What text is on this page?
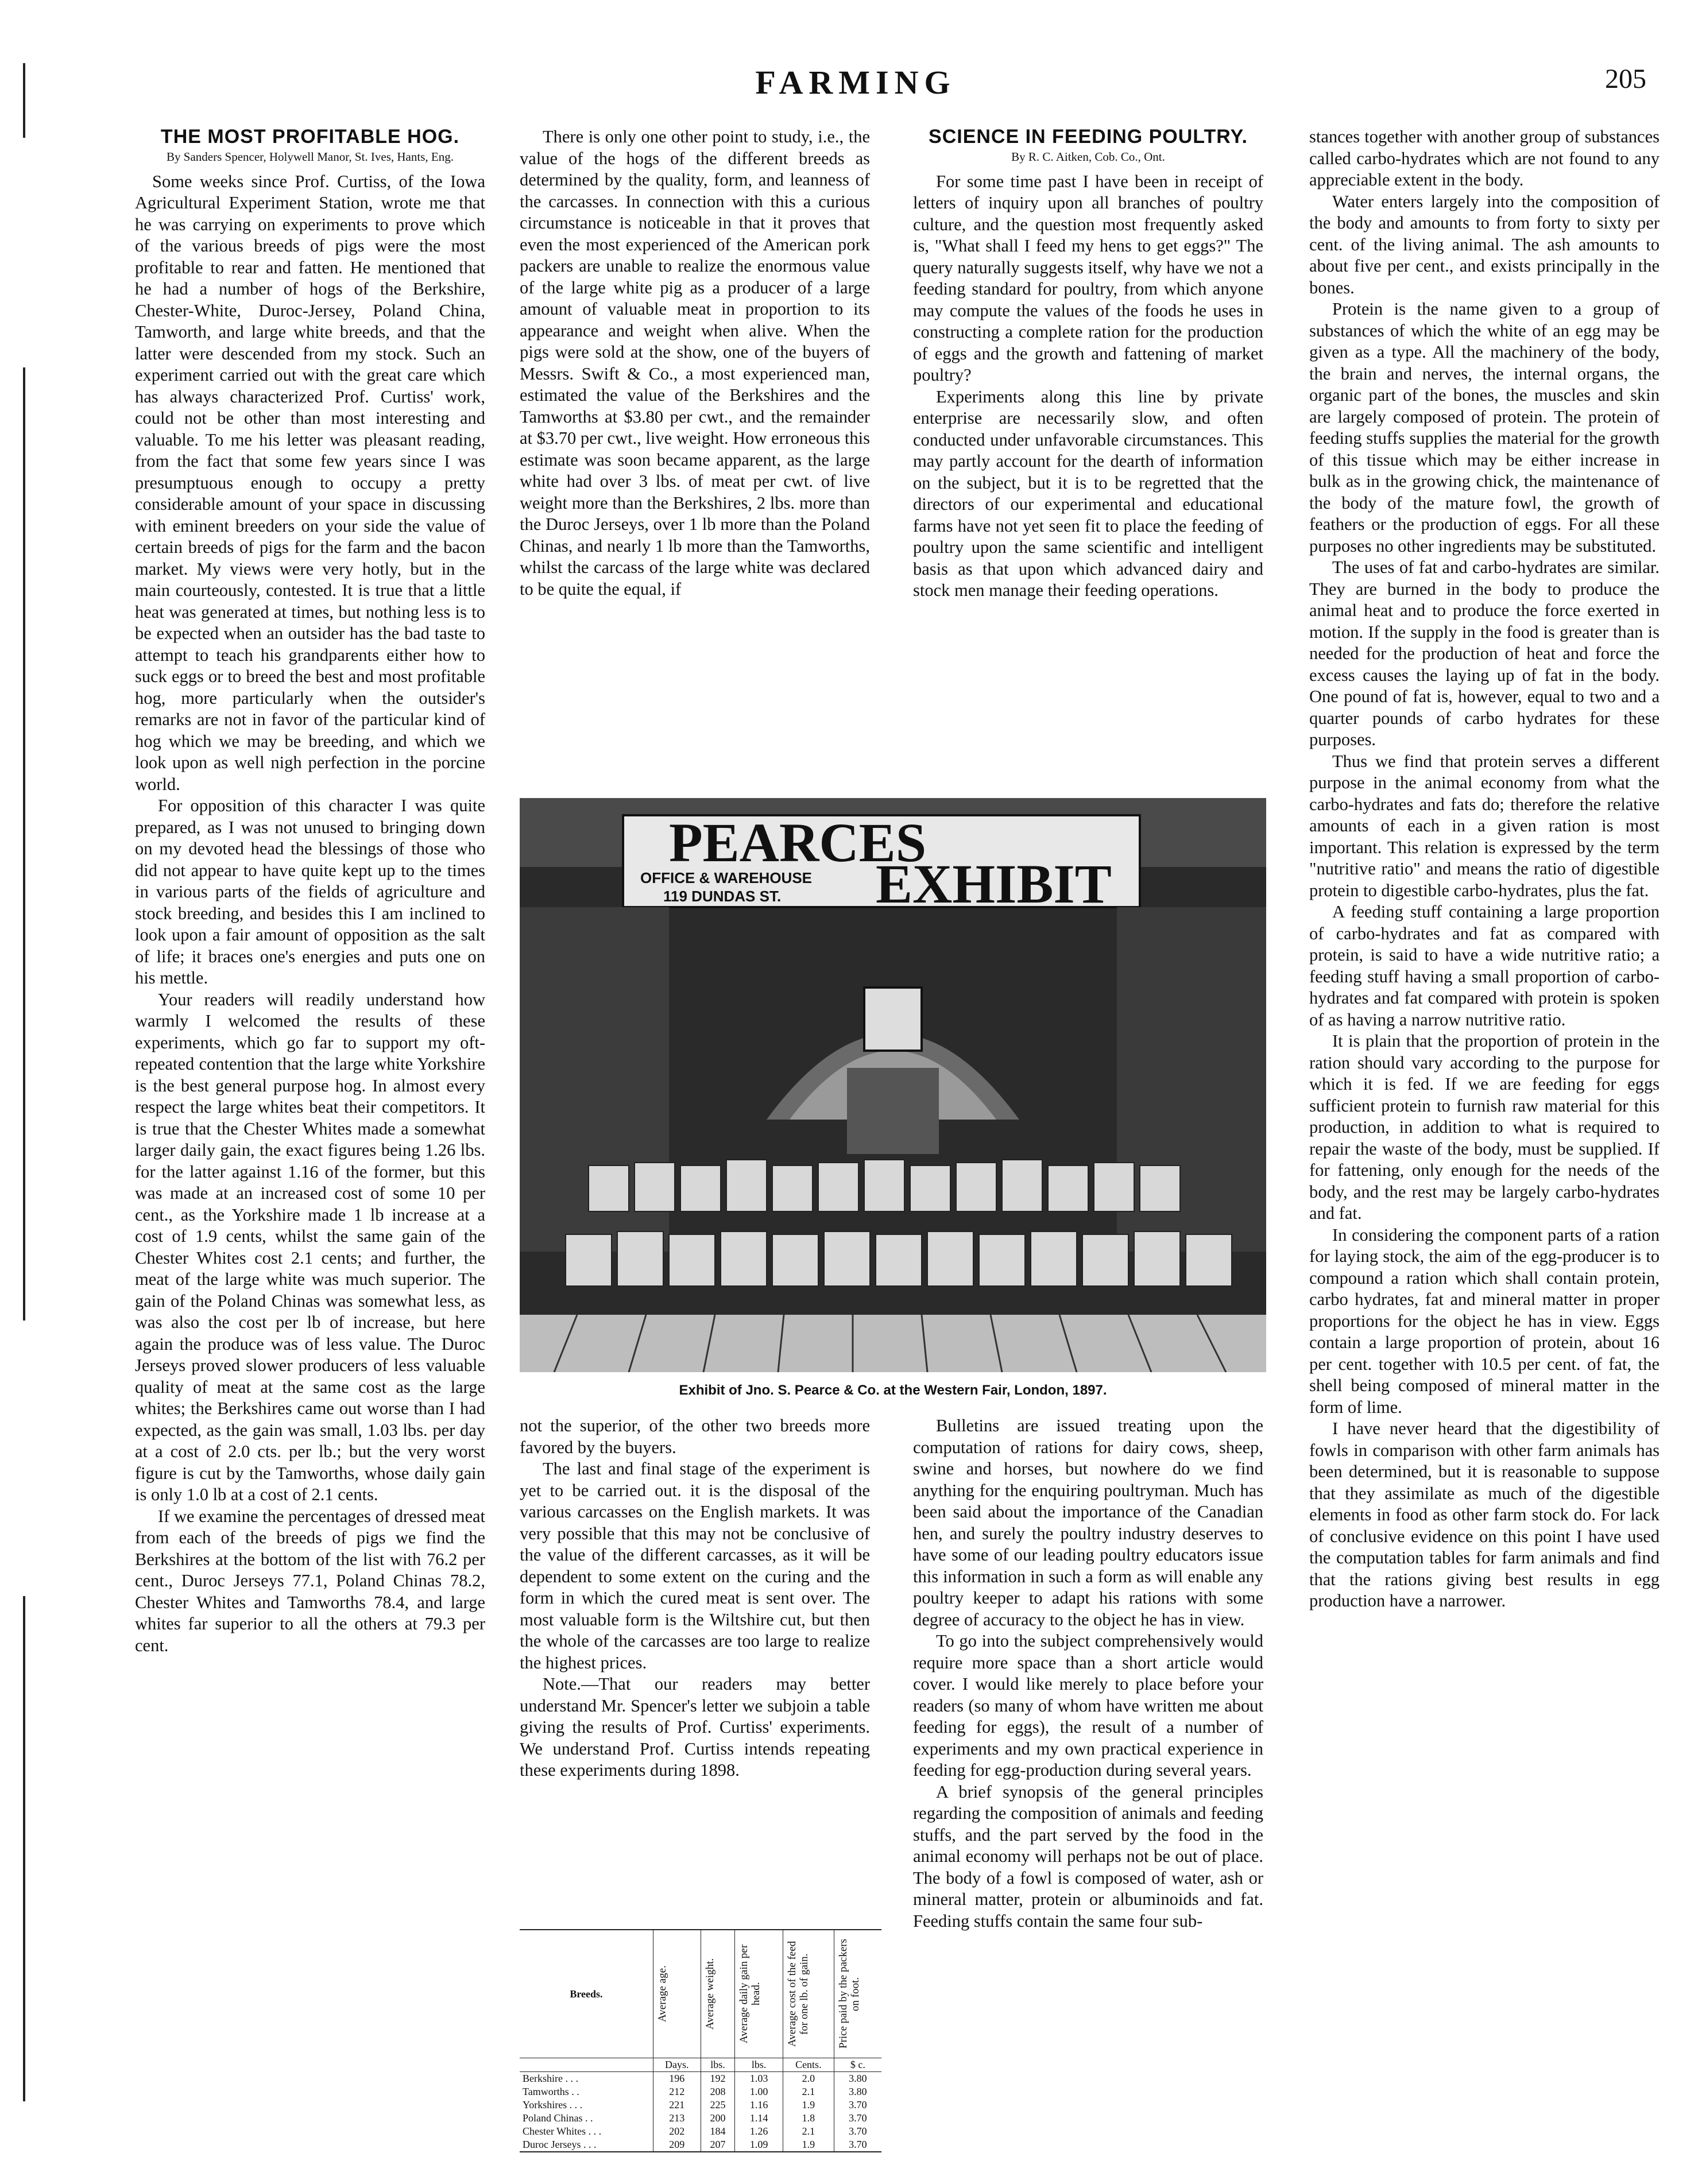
FARMING	205
THE MOST PROFITABLE HOG.
By Sanders Spencer, Holywell Manor, St. Ives, Hants, Eng.

Some weeks since Prof. Curtiss, of the Iowa Agricultural Experiment Station, wrote me that he was carrying on experiments to prove which of the various breeds of pigs were the most profitable to rear and fatten. He mentioned that he had a number of hogs of the Berkshire, Chester-White, Duroc-Jersey, Poland China, Tamworth, and large white breeds, and that the latter were descended from my stock. Such an experiment carried out with the great care which has always characterized Prof. Curtiss' work, could not be other than most interesting and valuable. To me his letter was pleasant reading, from the fact that some few years since I was presumptuous enough to occupy a pretty considerable amount of your space in discussing with eminent breeders on your side the value of certain breeds of pigs for the farm and the bacon market. My views were very hotly, but in the main courteously, contested. It is true that a little heat was generated at times, but nothing less is to be expected when an outsider has the bad taste to attempt to teach his grandparents either how to suck eggs or to breed the best and most profitable hog, more particularly when the outsider's remarks are not in favor of the particular kind of hog which we may be breeding, and which we look upon as well nigh perfection in the porcine world.

For opposition of this character I was quite prepared, as I was not unused to bringing down on my devoted head the blessings of those who did not appear to have quite kept up to the times in various parts of the fields of agriculture and stock breeding, and besides this I am inclined to look upon a fair amount of opposition as the salt of life; it braces one's energies and puts one on his mettle.

Your readers will readily understand how warmly I welcomed the results of these experiments, which go far to support my oft-repeated contention that the large white Yorkshire is the best general purpose hog. In almost every respect the large whites beat their competitors. It is true that the Chester Whites made a somewhat larger daily gain, the exact figures being 1.26 lbs. for the latter against 1.16 of the former, but this was made at an increased cost of some 10 per cent., as the Yorkshire made 1 lb increase at a cost of 1.9 cents, whilst the same gain of the Chester Whites cost 2.1 cents; and further, the meat of the large white was much superior. The gain of the Poland Chinas was somewhat less, as was also the cost per lb of increase, but here again the produce was of less value. The Duroc Jerseys proved slower producers of less valuable quality of meat at the same cost as the large whites; the Berkshires came out worse than I had expected, as the gain was small, 1.03 lbs. per day at a cost of 2.0 cts. per lb.; but the very worst figure is cut by the Tamworths, whose daily gain is only 1.0 lb at a cost of 2.1 cents.

If we examine the percentages of dressed meat from each of the breeds of pigs we find the Berkshires at the bottom of the list with 76.2 per cent., Duroc Jerseys 77.1, Poland Chinas 78.2, Chester Whites and Tamworths 78.4, and large whites far superior to all the others at 79.3 per cent.

There is only one other point to study, i.e., the value of the hogs of the different breeds as determined by the quality, form, and leanness of the carcasses. In connection with this a curious circumstance is noticeable in that it proves that even the most experienced of the American pork packers are unable to realize the enormous value of the large white pig as a producer of a large amount of valuable meat in proportion to its appearance and weight when alive. When the pigs were sold at the show, one of the buyers of Messrs. Swift & Co., a most experienced man, estimated the value of the Berkshires and the Tamworths at $3.80 per cwt., and the remainder at $3.70 per cwt., live weight. How erroneous this estimate was soon became apparent, as the large white had over 3 lbs. of meat per cwt. of live weight more than the Berkshires, 2 lbs. more than the Duroc Jerseys, over 1 lb more than the Poland Chinas, and nearly 1 lb more than the Tamworths, whilst the carcass of the large white was declared to be quite the equal, if

SCIENCE IN FEEDING POULTRY.
By R. C. Aitken, Cob. Co., Ont.

For some time past I have been in receipt of letters of inquiry upon all branches of poultry culture, and the question most frequently asked is, "What shall I feed my hens to get eggs?" The query naturally suggests itself, why have we not a feeding standard for poultry, from which anyone may compute the values of the foods he uses in constructing a complete ration for the production of eggs and the growth and fattening of market poultry?

Experiments along this line by private enterprise are necessarily slow, and often conducted under unfavorable circumstances. This may partly account for the dearth of information on the subject, but it is to be regretted that the directors of our experimental and educational farms have not yet seen fit to place the feeding of poultry upon the same scientific and intelligent basis as that upon which advanced dairy and stock men manage their feeding operations.

stances together with another group of substances called carbo-hydrates which are not found to any appreciable extent in the body.

Water enters largely into the composition of the body and amounts to from forty to sixty per cent. of the living animal. The ash amounts to about five per cent., and exists principally in the bones.

Protein is the name given to a group of substances of which the white of an egg may be given as a type. All the machinery of the body, the brain and nerves, the internal organs, the organic part of the bones, the muscles and skin are largely composed of protein. The protein of feeding stuffs supplies the material for the growth of this tissue which may be either increase in bulk as in the growing chick, the maintenance of the body of the mature fowl, the growth of feathers or the production of eggs. For all these purposes no other ingredients may be substituted.

The uses of fat and carbo-hydrates are similar. They are burned in the body to produce the animal heat and to produce the force exerted in motion. If the supply in the food is greater than is needed for the production of heat and force the excess causes the laying up of fat in the body. One pound of fat is, however, equal to two and a quarter pounds of carbo hydrates for these purposes.

Thus we find that protein serves a different purpose in the animal economy from what the carbo-hydrates and fats do; therefore the relative amounts of each in a given ration is most important. This relation is expressed by the term "nutritive ratio" and means the ratio of digestible protein to digestible carbo-hydrates, plus the fat.

A feeding stuff containing a large proportion of carbo-hydrates and fat as compared with protein, is said to have a wide nutritive ratio; a feeding stuff having a small proportion of carbo-hydrates and fat compared with protein is spoken of as having a narrow nutritive ratio.

It is plain that the proportion of protein in the ration should vary according to the purpose for which it is fed. If we are feeding for eggs sufficient protein to furnish raw material for this production, in addition to what is required to repair the waste of the body, must be supplied. If for fattening, only enough for the needs of the body, and the rest may be largely carbo-hydrates and fat.

In considering the component parts of a ration for laying stock, the aim of the egg-producer is to compound a ration which shall contain protein, carbo hydrates, fat and mineral matter in proper proportions for the object he has in view. Eggs contain a large proportion of protein, about 16 per cent. together with 10.5 per cent. of fat, the shell being composed of mineral matter in the form of lime.

I have never heard that the digestibility of fowls in comparison with other farm animals has been determined, but it is reasonable to suppose that they assimilate as much of the digestible elements in food as other farm stock do. For lack of conclusive evidence on this point I have used the computation tables for farm animals and find that the rations giving best results in egg production have a narrower.

PEARCES
EXHIBIT
OFFICE & WAREHOUSE
119 DUNDAS ST.
Exhibit of Jno. S. Pearce & Co. at the Western Fair, London, 1897.

not the superior, of the other two breeds more favored by the buyers.

The last and final stage of the experiment is yet to be carried out. it is the disposal of the various carcasses on the English markets. It was very possible that this may not be conclusive of the value of the different carcasses, as it will be dependent to some extent on the curing and the form in which the cured meat is sent over. The most valuable form is the Wiltshire cut, but then the whole of the carcasses are too large to realize the highest prices.

Note.—That our readers may better understand Mr. Spencer's letter we subjoin a table giving the results of Prof. Curtiss' experiments. We understand Prof. Curtiss intends repeating these experiments during 1898.

Bulletins are issued treating upon the computation of rations for dairy cows, sheep, swine and horses, but nowhere do we find anything for the enquiring poultryman. Much has been said about the importance of the Canadian hen, and surely the poultry industry deserves to have some of our leading poultry educators issue this information in such a form as will enable any poultry keeper to adapt his rations with some degree of accuracy to the object he has in view.

To go into the subject comprehensively would require more space than a short article would cover. I would like merely to place before your readers (so many of whom have written me about feeding for eggs), the result of a number of experiments and my own practical experience in feeding for egg-production during several years.

A brief synopsis of the general principles regarding the composition of animals and feeding stuffs, and the part served by the food in the animal economy will perhaps not be out of place. The body of a fowl is composed of water, ash or mineral matter, protein or albuminoids and fat. Feeding stuffs contain the same four sub-

Breeds.	Average age.	Average weight.	Average daily gain per head.	Average cost of the feed for one lb. of gain.	Price paid by the packers on foot.

	Days.	lbs.	lbs.	Cents.	$ c.
Berkshire . . .	196	192	1.03	2.0	3.80
Tamworths . .	212	208	1.00	2.1	3.80
Yorkshires . . .	221	225	1.16	1.9	3.70
Poland Chinas . .	213	200	1.14	1.8	3.70
Chester Whites . . .	202	184	1.26	2.1	3.70
Duroc Jerseys . . .	209	207	1.09	1.9	3.70
